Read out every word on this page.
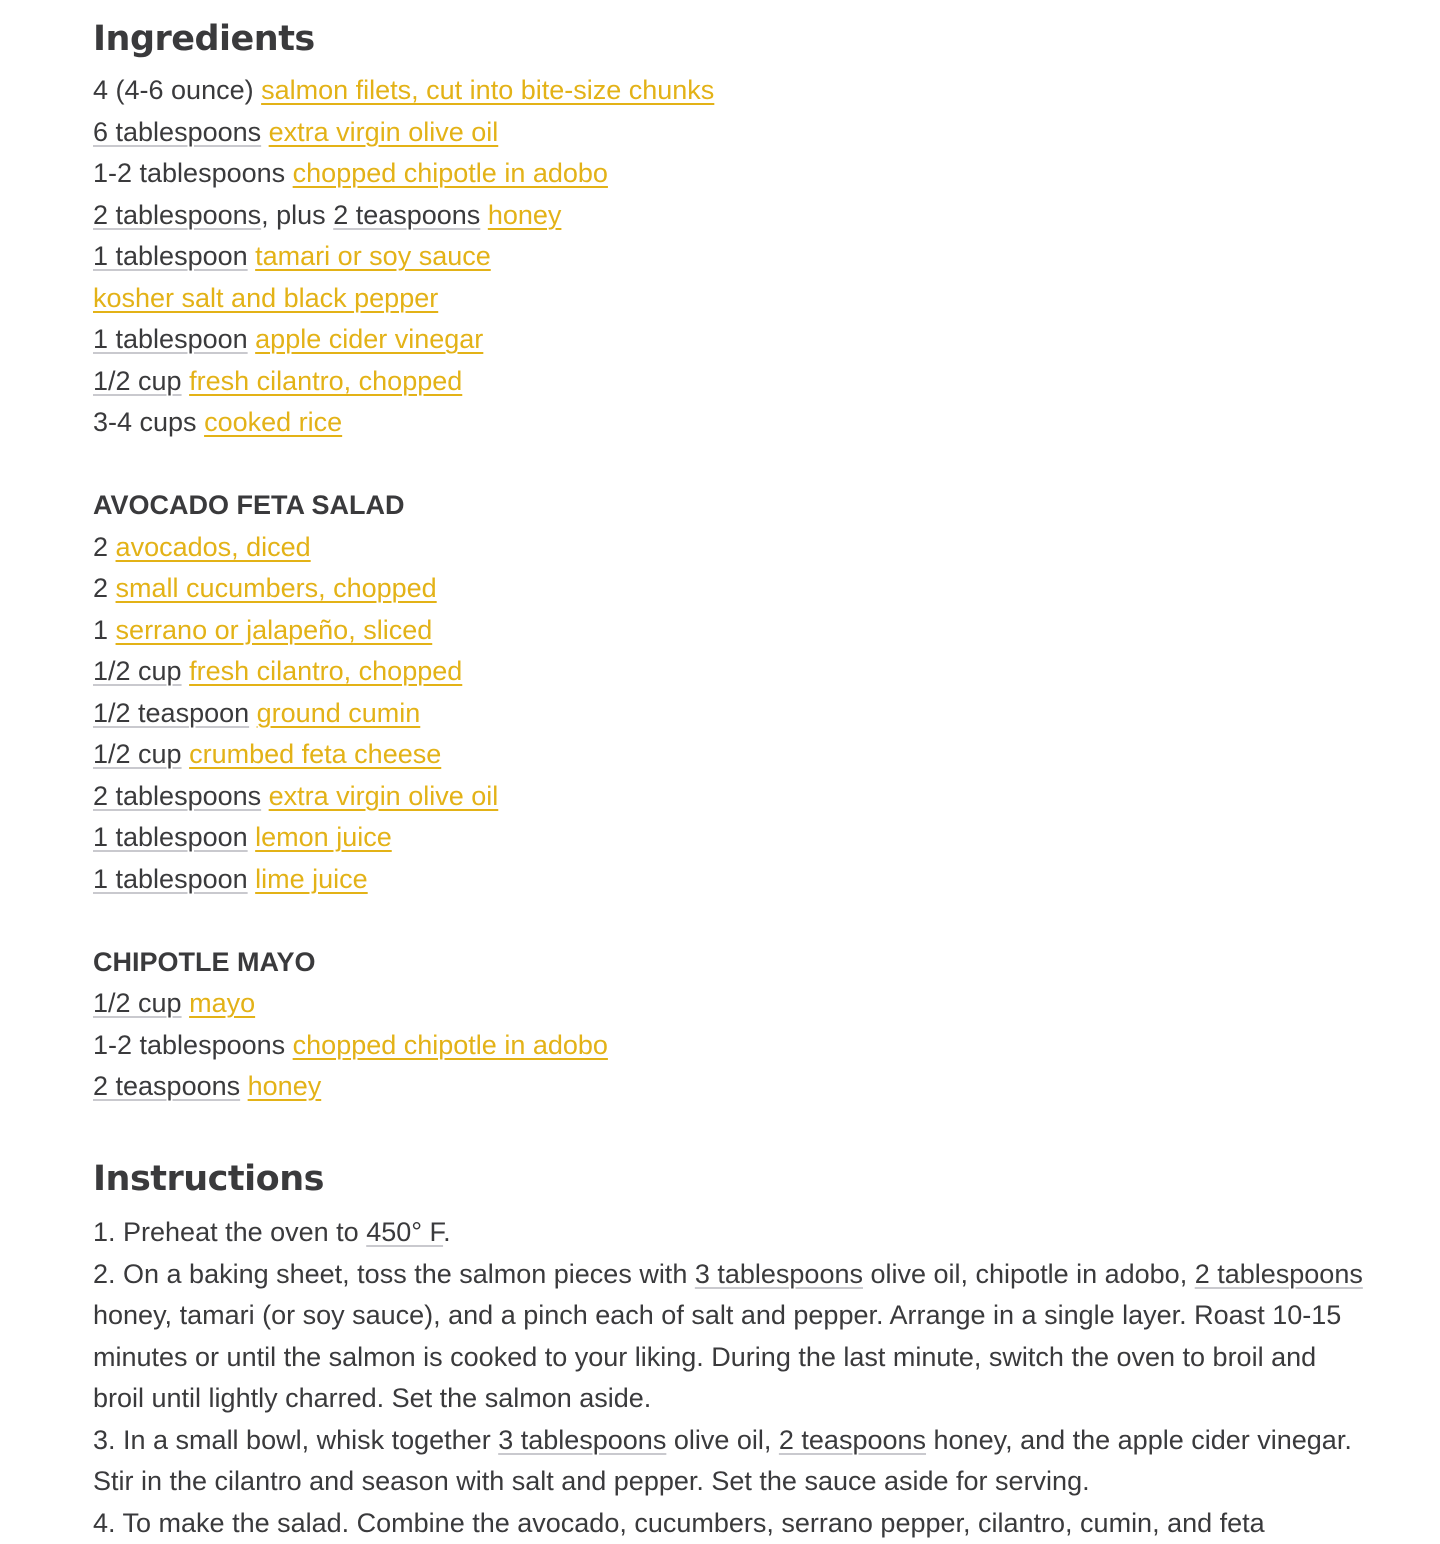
Ingredients
4 (4-6 ounce) salmon filets, cut into bite-size chunks
6 tablespoons extra virgin olive oil
1-2 tablespoons chopped chipotle in adobo
2 tablespoons, plus 2 teaspoons honey
1 tablespoon tamari or soy sauce
kosher salt and black pepper
1 tablespoon apple cider vinegar
1/2 cup fresh cilantro, chopped
3-4 cups cooked rice
AVOCADO FETA SALAD
2 avocados, diced
2 small cucumbers, chopped
1 serrano or jalapeño, sliced
1/2 cup fresh cilantro, chopped
1/2 teaspoon ground cumin
1/2 cup crumbed feta cheese
2 tablespoons extra virgin olive oil
1 tablespoon lemon juice
1 tablespoon lime juice
CHIPOTLE MAYO
1/2 cup mayo
1-2 tablespoons chopped chipotle in adobo
2 teaspoons honey
Instructions

1. Preheat the oven to 450° F.

2. On a baking sheet, toss the salmon pieces with 3 tablespoons olive oil, chipotle in adobo, 2 tablespoons honey, tamari (or soy sauce), and a pinch each of salt and pepper. Arrange in a single layer. Roast 10-15 minutes or until the salmon is cooked to your liking. During the last minute, switch the oven to broil and broil until lightly charred. Set the salmon aside.

3. In a small bowl, whisk together 3 tablespoons olive oil, 2 teaspoons honey, and the apple cider vinegar. Stir in the cilantro and season with salt and pepper. Set the sauce aside for serving.

4. To make the salad. Combine the avocado, cucumbers, serrano pepper, cilantro, cumin, and feta
